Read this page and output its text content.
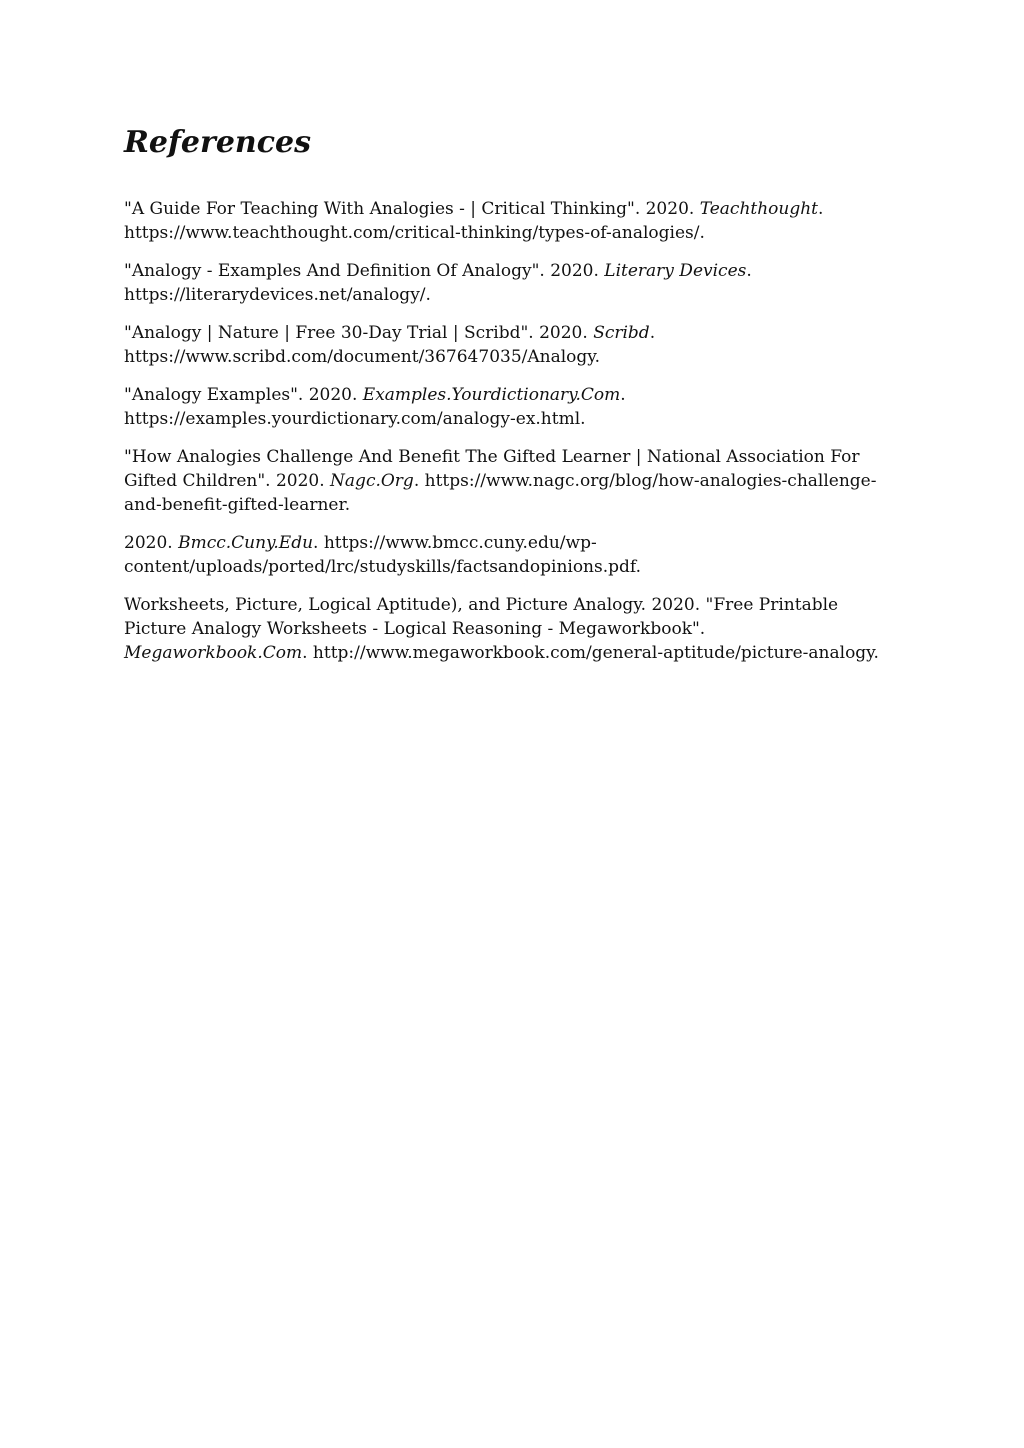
References
"A Guide For Teaching With Analogies - | Critical Thinking". 2020. Teachthought. https://www.teachthought.com/critical-thinking/types-of-analogies/.
"Analogy - Examples And Definition Of Analogy". 2020. Literary Devices. https://literarydevices.net/analogy/.
"Analogy | Nature | Free 30-Day Trial | Scribd". 2020. Scribd. https://www.scribd.com/document/367647035/Analogy.
"Analogy Examples". 2020. Examples.Yourdictionary.Com. https://examples.yourdictionary.com/analogy-ex.html.
"How Analogies Challenge And Benefit The Gifted Learner | National Association For Gifted Children". 2020. Nagc.Org. https://www.nagc.org/blog/how-analogies-challenge-and-benefit-gifted-learner.
2020. Bmcc.Cuny.Edu. https://www.bmcc.cuny.edu/wp-content/uploads/ported/lrc/studyskills/factsandopinions.pdf.
Worksheets, Picture, Logical Aptitude), and Picture Analogy. 2020. "Free Printable Picture Analogy Worksheets - Logical Reasoning - Megaworkbook". Megaworkbook.Com. http://www.megaworkbook.com/general-aptitude/picture-analogy.
